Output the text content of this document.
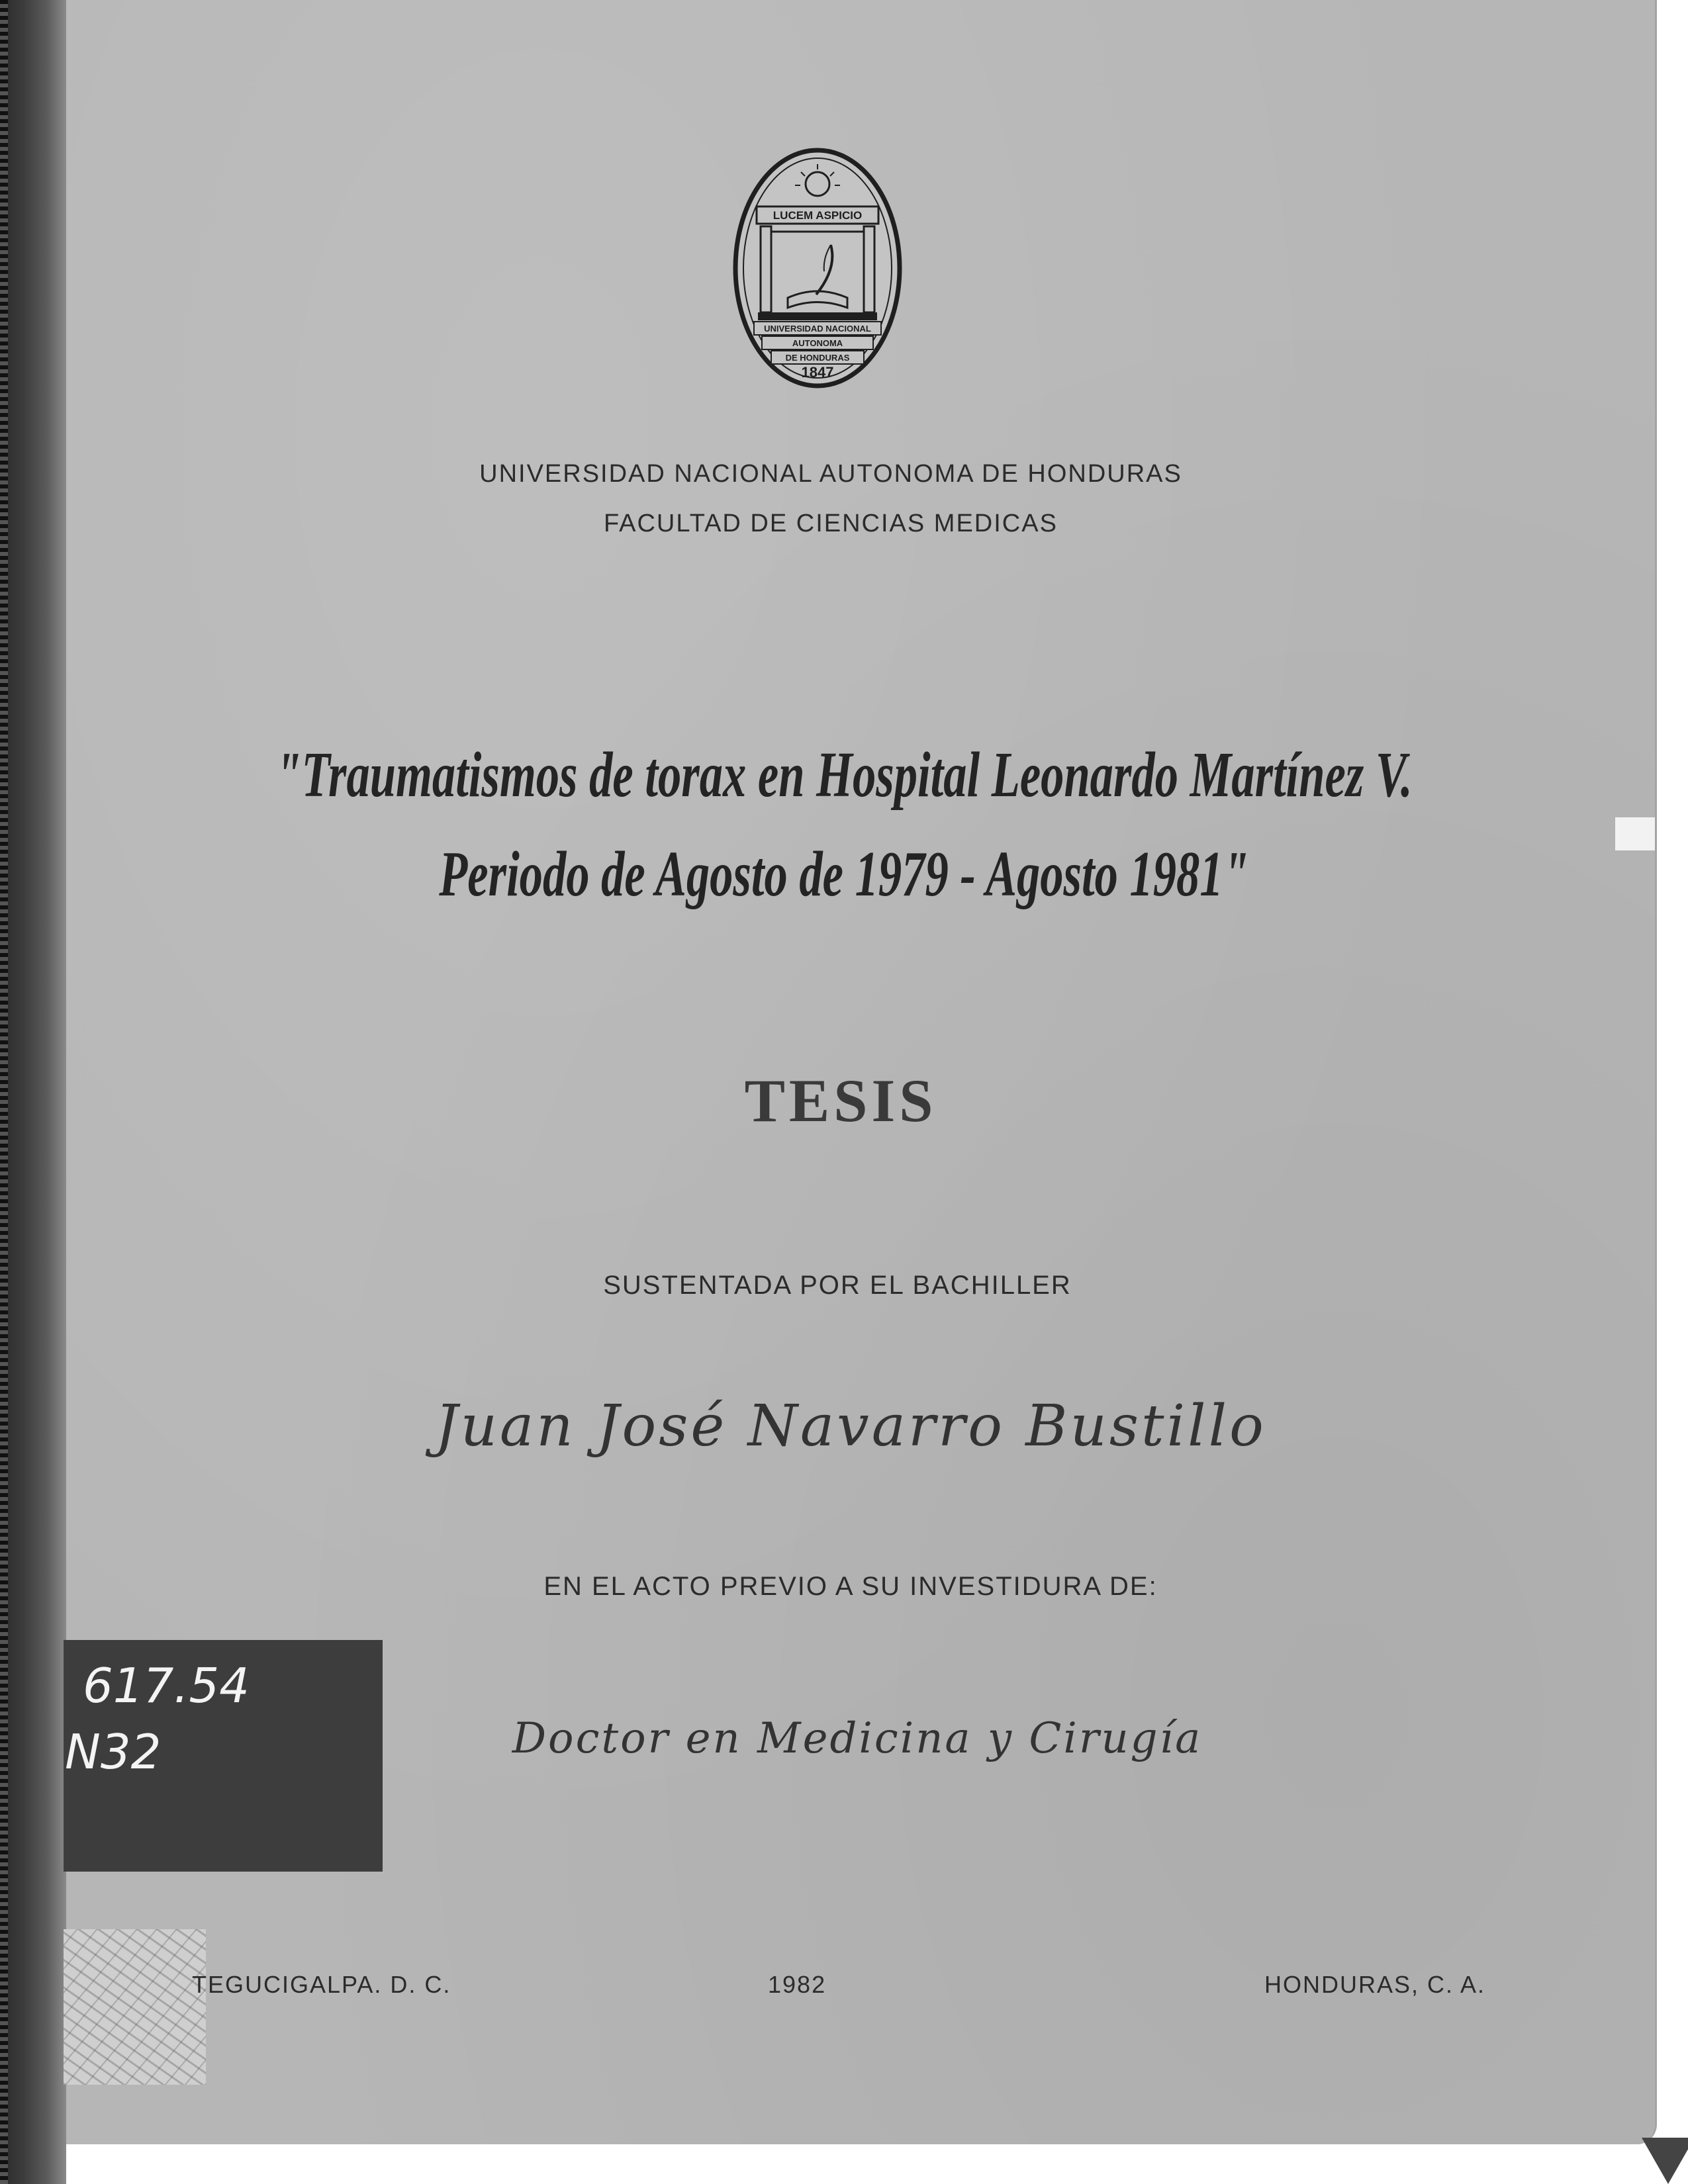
LUCEM ASPICIO
UNIVERSIDAD NACIONAL
AUTONOMA
DE HONDURAS
1847
UNIVERSIDAD NACIONAL AUTONOMA DE HONDURAS
FACULTAD DE CIENCIAS MEDICAS
"Traumatismos de torax en Hospital Leonardo Martínez V.
Periodo de Agosto de 1979 - Agosto 1981"
TESIS
SUSTENTADA POR EL BACHILLER
Juan José Navarro Bustillo
EN EL ACTO PREVIO A SU INVESTIDURA DE:
Doctor en Medicina y Cirugía
617.54
N32
TEGUCIGALPA. D. C.	1982	HONDURAS, C. A.
